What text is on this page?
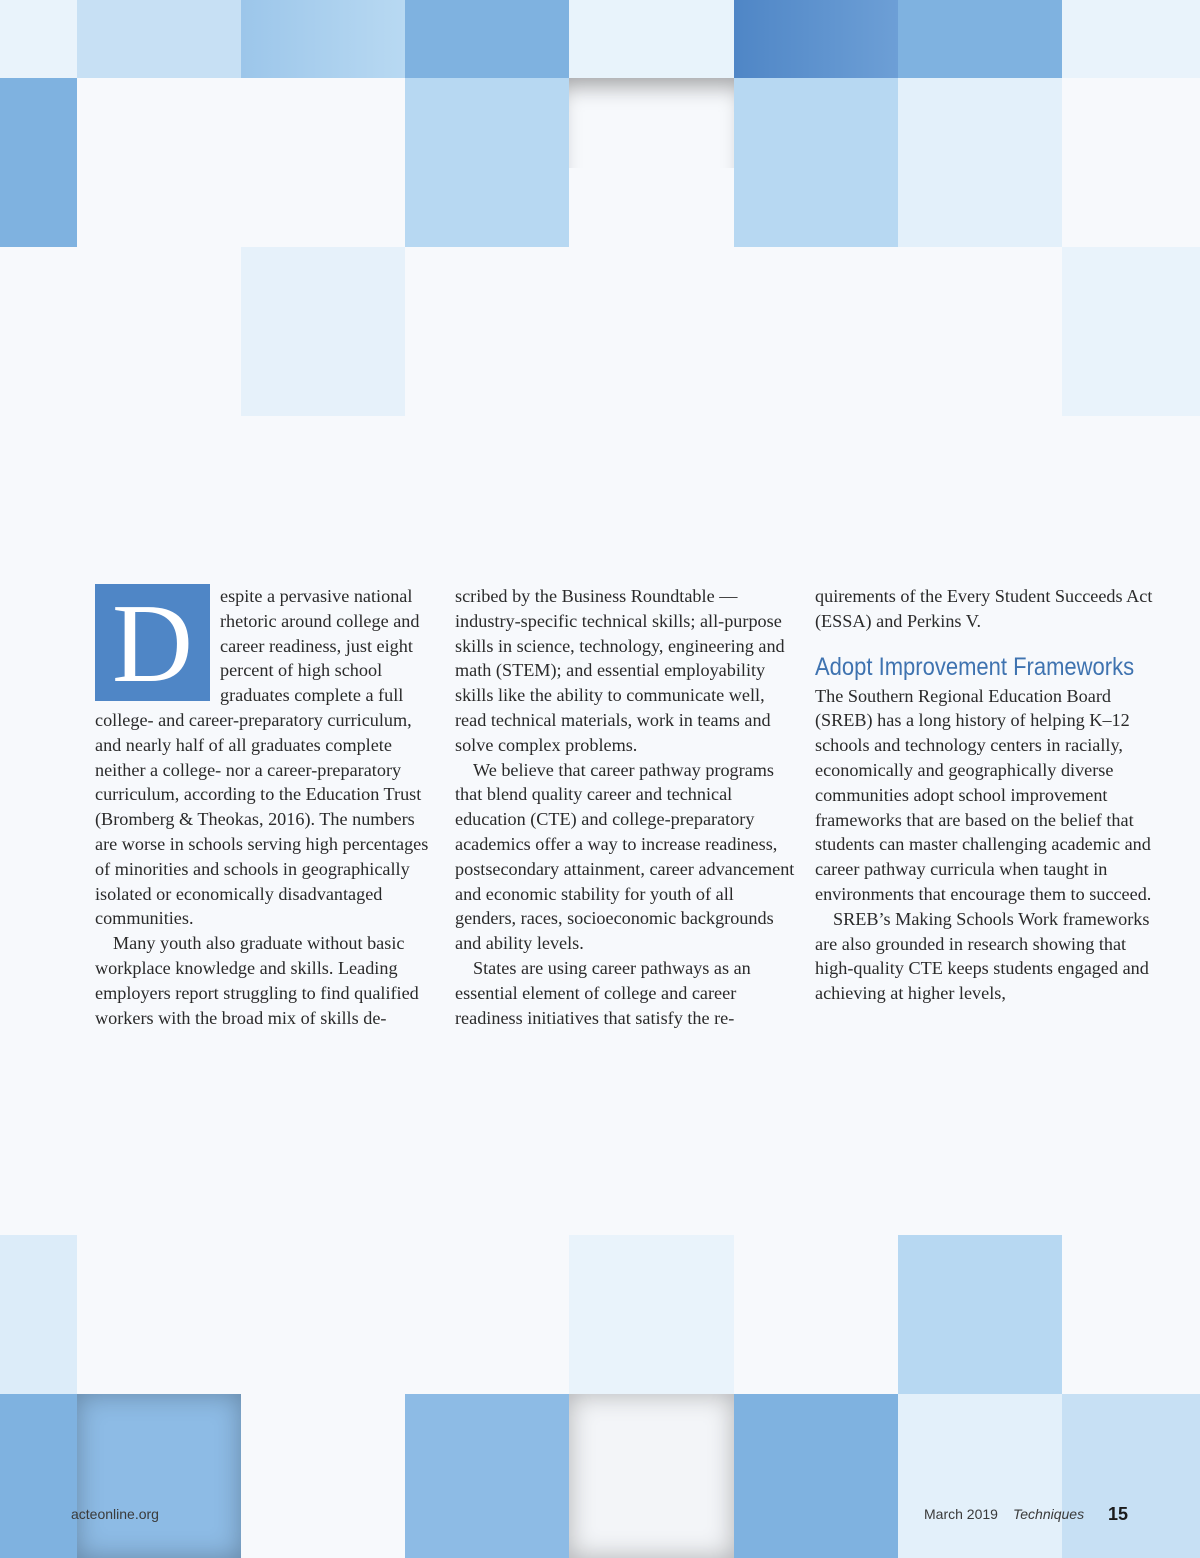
D	espite a pervasive national rhetoric around college and career readiness, just eight percent of high school graduates complete a full college- and career-preparatory curriculum, and nearly half of all graduates complete neither a college- nor a career-preparatory curriculum, according to the Education Trust (Bromberg & Theokas, 2016). The numbers are worse in schools serving high percentages of minorities and schools in geographically isolated or economically disadvantaged communities.

Many youth also graduate without basic workplace knowledge and skills. Leading employers report struggling to find qualified workers with the broad mix of skills de-

scribed by the Business Roundtable — industry-specific technical skills; all-purpose skills in science, technology, engineering and math (STEM); and essential employability skills like the ability to communicate well, read technical materials, work in teams and solve complex problems.

We believe that career pathway programs that blend quality career and technical education (CTE) and college-preparatory academics offer a way to increase readiness, postsecondary attainment, career advancement and economic stability for youth of all genders, races, socioeconomic backgrounds and ability levels.

States are using career pathways as an essential element of college and career readiness initiatives that satisfy the re-

quirements of the Every Student Succeeds Act (ESSA) and Perkins V.

Adopt Improvement Frameworks

The Southern Regional Education Board (SREB) has a long history of helping K–12 schools and technology centers in racially, economically and geographically diverse communities adopt school improvement frameworks that are based on the belief that students can master challenging academic and career pathway curricula when taught in environments that encourage them to succeed.

SREB’s Making Schools Work frameworks are also grounded in research showing that high-quality CTE keeps students engaged and achieving at higher levels,

acteonline.org	March 2019 Techniques 15
